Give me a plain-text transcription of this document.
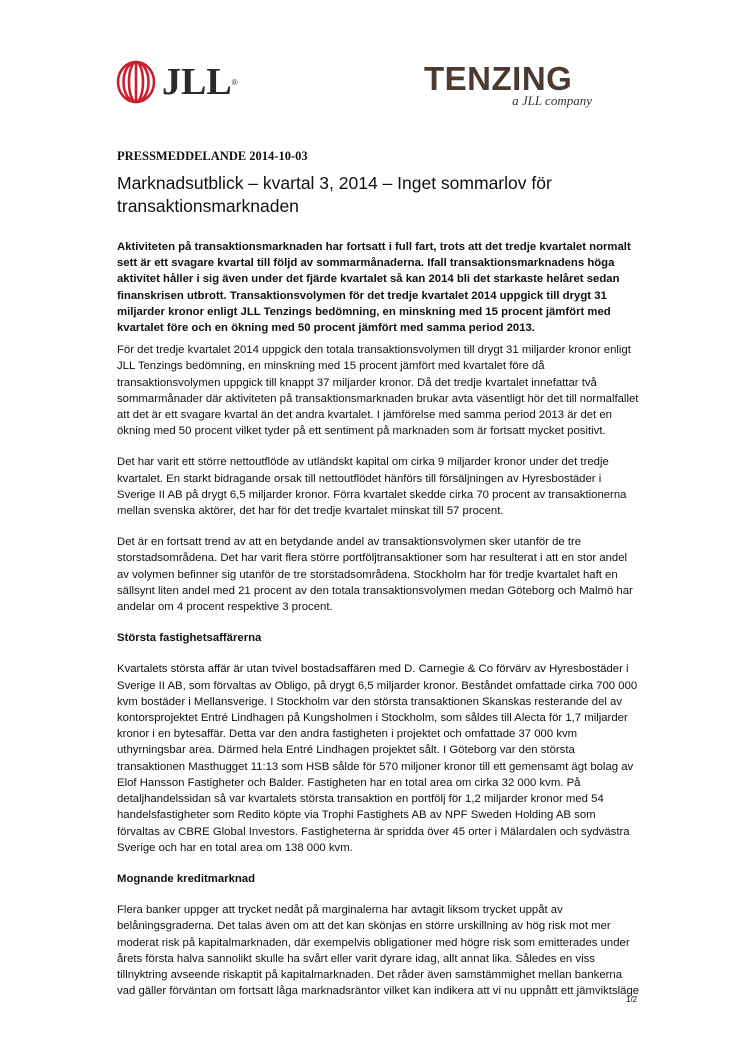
JLL ®	TENZING
a JLL company
PRESSMEDDELANDE 2014-10-03
Marknadsutblick – kvartal 3, 2014 – Inget sommarlov för transaktionsmarknaden

Aktiviteten på transaktionsmarknaden har fortsatt i full fart, trots att det tredje kvartalet normalt sett är ett svagare kvartal till följd av sommarmånaderna. Ifall transaktionsmarknadens höga aktivitet håller i sig även under det fjärde kvartalet så kan 2014 bli det starkaste helåret sedan finanskrisen utbrott. Transaktionsvolymen för det tredje kvartalet 2014 uppgick till drygt 31 miljarder kronor enligt JLL Tenzings bedömning, en minskning med 15 procent jämfört med kvartalet före och en ökning med 50 procent jämfört med samma period 2013.

För det tredje kvartalet 2014 uppgick den totala transaktionsvolymen till drygt 31 miljarder kronor enligt JLL Tenzings bedömning, en minskning med 15 procent jämfört med kvartalet före då transaktionsvolymen uppgick till knappt 37 miljarder kronor. Då det tredje kvartalet innefattar två sommarmånader där aktiviteten på transaktionsmarknaden brukar avta väsentligt hör det till normalfallet att det är ett svagare kvartal än det andra kvartalet. I jämförelse med samma period 2013 är det en ökning med 50 procent vilket tyder på ett sentiment på marknaden som är fortsatt mycket positivt.

Det har varit ett större nettoutflöde av utländskt kapital om cirka 9 miljarder kronor under det tredje kvartalet. En starkt bidragande orsak till nettoutflödet hänförs till försäljningen av Hyresbostäder i Sverige II AB på drygt 6,5 miljarder kronor. Förra kvartalet skedde cirka 70 procent av transaktionerna mellan svenska aktörer, det har för det tredje kvartalet minskat till 57 procent.

Det är en fortsatt trend av att en betydande andel av transaktionsvolymen sker utanför de tre storstadsområdena. Det har varit flera större portföljtransaktioner som har resulterat i att en stor andel av volymen befinner sig utanför de tre storstadsområdena. Stockholm har för tredje kvartalet haft en sällsynt liten andel med 21 procent av den totala transaktionsvolymen medan Göteborg och Malmö har andelar om 4 procent respektive 3 procent.

Största fastighetsaffärerna

Kvartalets största affär är utan tvivel bostadsaffären med D. Carnegie & Co förvärv av Hyresbostäder i Sverige II AB, som förvaltas av Obligo, på drygt 6,5 miljarder kronor. Beståndet omfattade cirka 700 000 kvm bostäder i Mellansverige. I Stockholm var den största transaktionen Skanskas resterande del av kontorsprojektet Entré Lindhagen på Kungsholmen i Stockholm, som såldes till Alecta för 1,7 miljarder kronor i en bytesaffär. Detta var den andra fastigheten i projektet och omfattade 37 000 kvm uthyrningsbar area. Därmed hela Entré Lindhagen projektet sålt. I Göteborg var den största transaktionen Masthugget 11:13 som HSB sålde för 570 miljoner kronor till ett gemensamt ägt bolag av Elof Hansson Fastigheter och Balder. Fastigheten har en total area om cirka 32 000 kvm. På detaljhandelssidan så var kvartalets största transaktion en portfölj för 1,2 miljarder kronor med 54 handelsfastigheter som Redito köpte via Trophi Fastighets AB av NPF Sweden Holding AB som förvaltas av CBRE Global Investors. Fastigheterna är spridda över 45 orter i Mälardalen och sydvästra Sverige och har en total area om 138 000 kvm.

Mognande kreditmarknad

Flera banker uppger att trycket nedåt på marginalerna har avtagit liksom trycket uppåt av belåningsgraderna. Det talas även om att det kan skönjas en större urskillning av hög risk mot mer moderat risk på kapitalmarknaden, där exempelvis obligationer med högre risk som emitterades under årets första halva sannolikt skulle ha svårt eller varit dyrare idag, allt annat lika. Således en viss tillnyktring avseende riskaptit på kapitalmarknaden. Det råder även samstämmighet mellan bankerna vad gäller förväntan om fortsatt låga marknadsräntor vilket kan indikera att vi nu uppnått ett jämviktsläge

1/2
